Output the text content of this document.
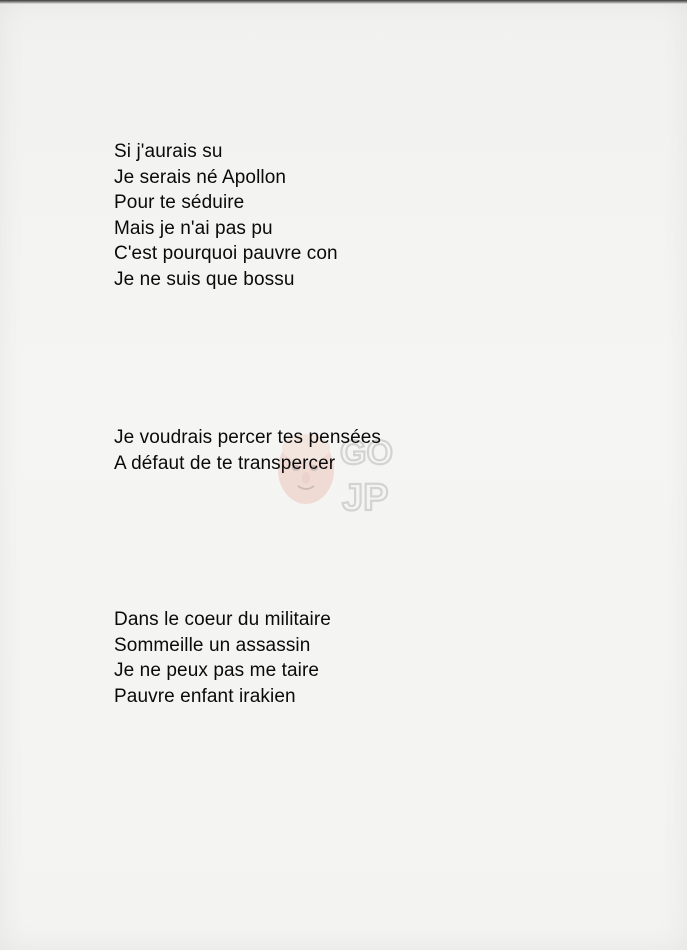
GO
JP
Si j'aurais su
Je serais né Apollon
Pour te séduire
Mais je n'ai pas pu
C'est pourquoi pauvre con
Je ne suis que bossu
Je voudrais percer tes pensées
A défaut de te transpercer
Dans le coeur du militaire
Sommeille un assassin
Je ne peux pas me taire
Pauvre enfant irakien
